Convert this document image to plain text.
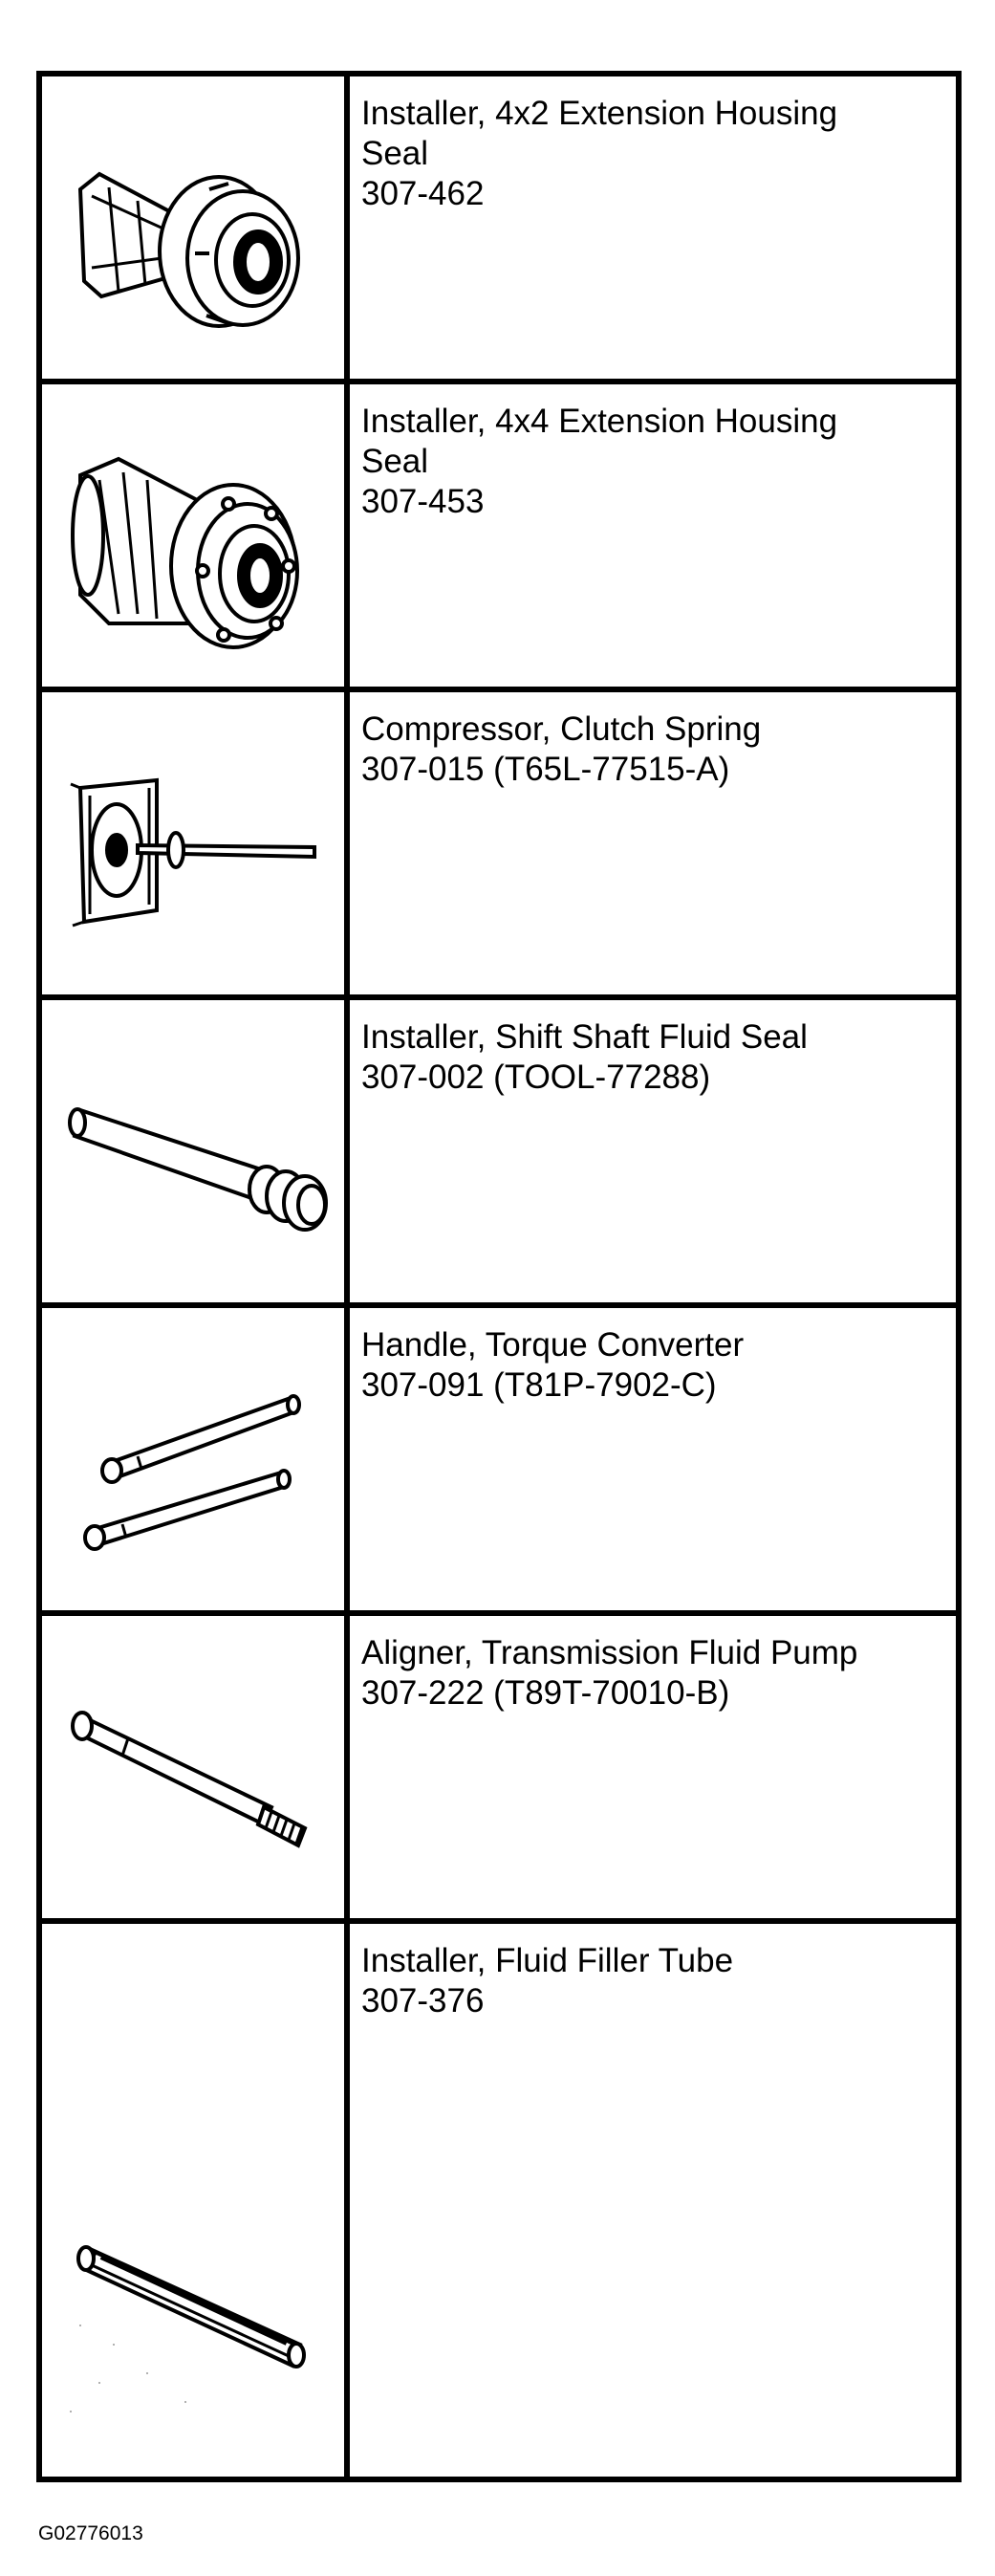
Installer, 4x2 Extension Housing
Seal
307-462
Installer, 4x4 Extension Housing
Seal
307-453
Compressor, Clutch Spring
307-015 (T65L-77515-A)
Installer, Shift Shaft Fluid Seal
307-002 (TOOL-77288)
Handle, Torque Converter
307-091 (T81P-7902-C)
Aligner, Transmission Fluid Pump
307-222 (T89T-70010-B)
Installer, Fluid Filler Tube
307-376
G02776013
